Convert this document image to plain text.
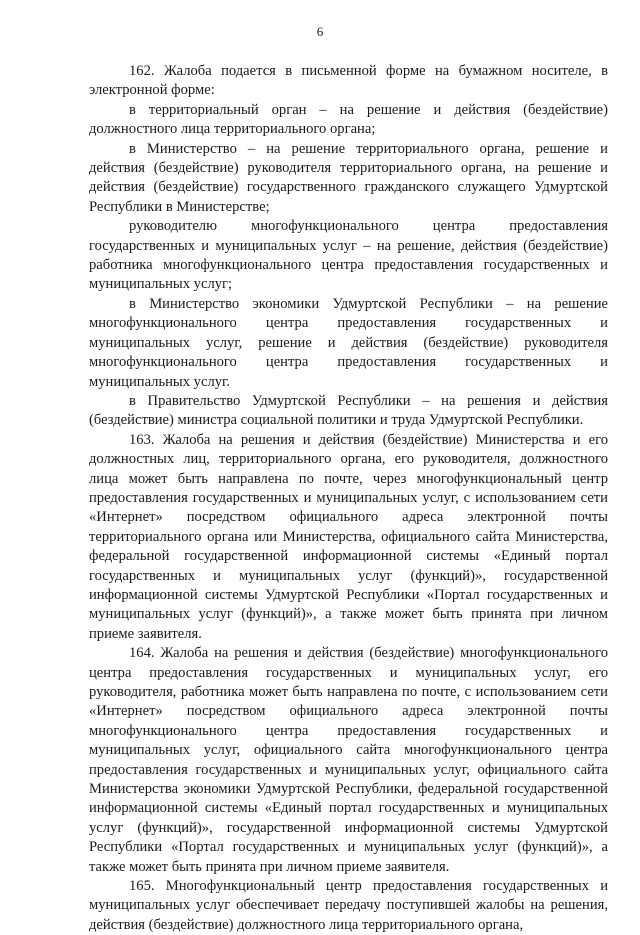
6

162. Жалоба подается в письменной форме на бумажном носителе, в электронной форме:

в территориальный орган – на решение и действия (бездействие) должностного лица территориального органа;

в Министерство – на решение территориального органа, решение и действия (бездействие) руководителя территориального органа, на решение и действия (бездействие) государственного гражданского служащего Удмуртской Республики в Министерстве;

руководителю многофункционального центра предоставления государственных и муниципальных услуг – на решение, действия (бездействие) работника многофункционального центра предоставления государственных и муниципальных услуг;

в Министерство экономики Удмуртской Республики – на решение многофункционального центра предоставления государственных и муниципальных услуг, решение и действия (бездействие) руководителя многофункционального центра предоставления государственных и муниципальных услуг.

в Правительство Удмуртской Республики – на решения и действия (бездействие) министра социальной политики и труда Удмуртской Республики.

163. Жалоба на решения и действия (бездействие) Министерства и его должностных лиц, территориального органа, его руководителя, должностного лица может быть направлена по почте, через многофункциональный центр предоставления государственных и муниципальных услуг, с использованием сети «Интернет» посредством официального адреса электронной почты территориального органа или Министерства, официального сайта Министерства, федеральной государственной информационной системы «Единый портал государственных и муниципальных услуг (функций)», государственной информационной системы Удмуртской Республики «Портал государственных и муниципальных услуг (функций)», а также может быть принята при личном приеме заявителя.

164. Жалоба на решения и действия (бездействие) многофункционального центра предоставления государственных и муниципальных услуг, его руководителя, работника может быть направлена по почте, с использованием сети «Интернет» посредством официального адреса электронной почты многофункционального центра предоставления государственных и муниципальных услуг, официального сайта многофункционального центра предоставления государственных и муниципальных услуг, официального сайта Министерства экономики Удмуртской Республики, федеральной государственной информационной системы «Единый портал государственных и муниципальных услуг (функций)», государственной информационной системы Удмуртской Республики «Портал государственных и муниципальных услуг (функций)», а также может быть принята при личном приеме заявителя.

165. Многофункциональный центр предоставления государственных и муниципальных услуг обеспечивает передачу поступившей жалобы на решения, действия (бездействие) должностного лица территориального органа,
